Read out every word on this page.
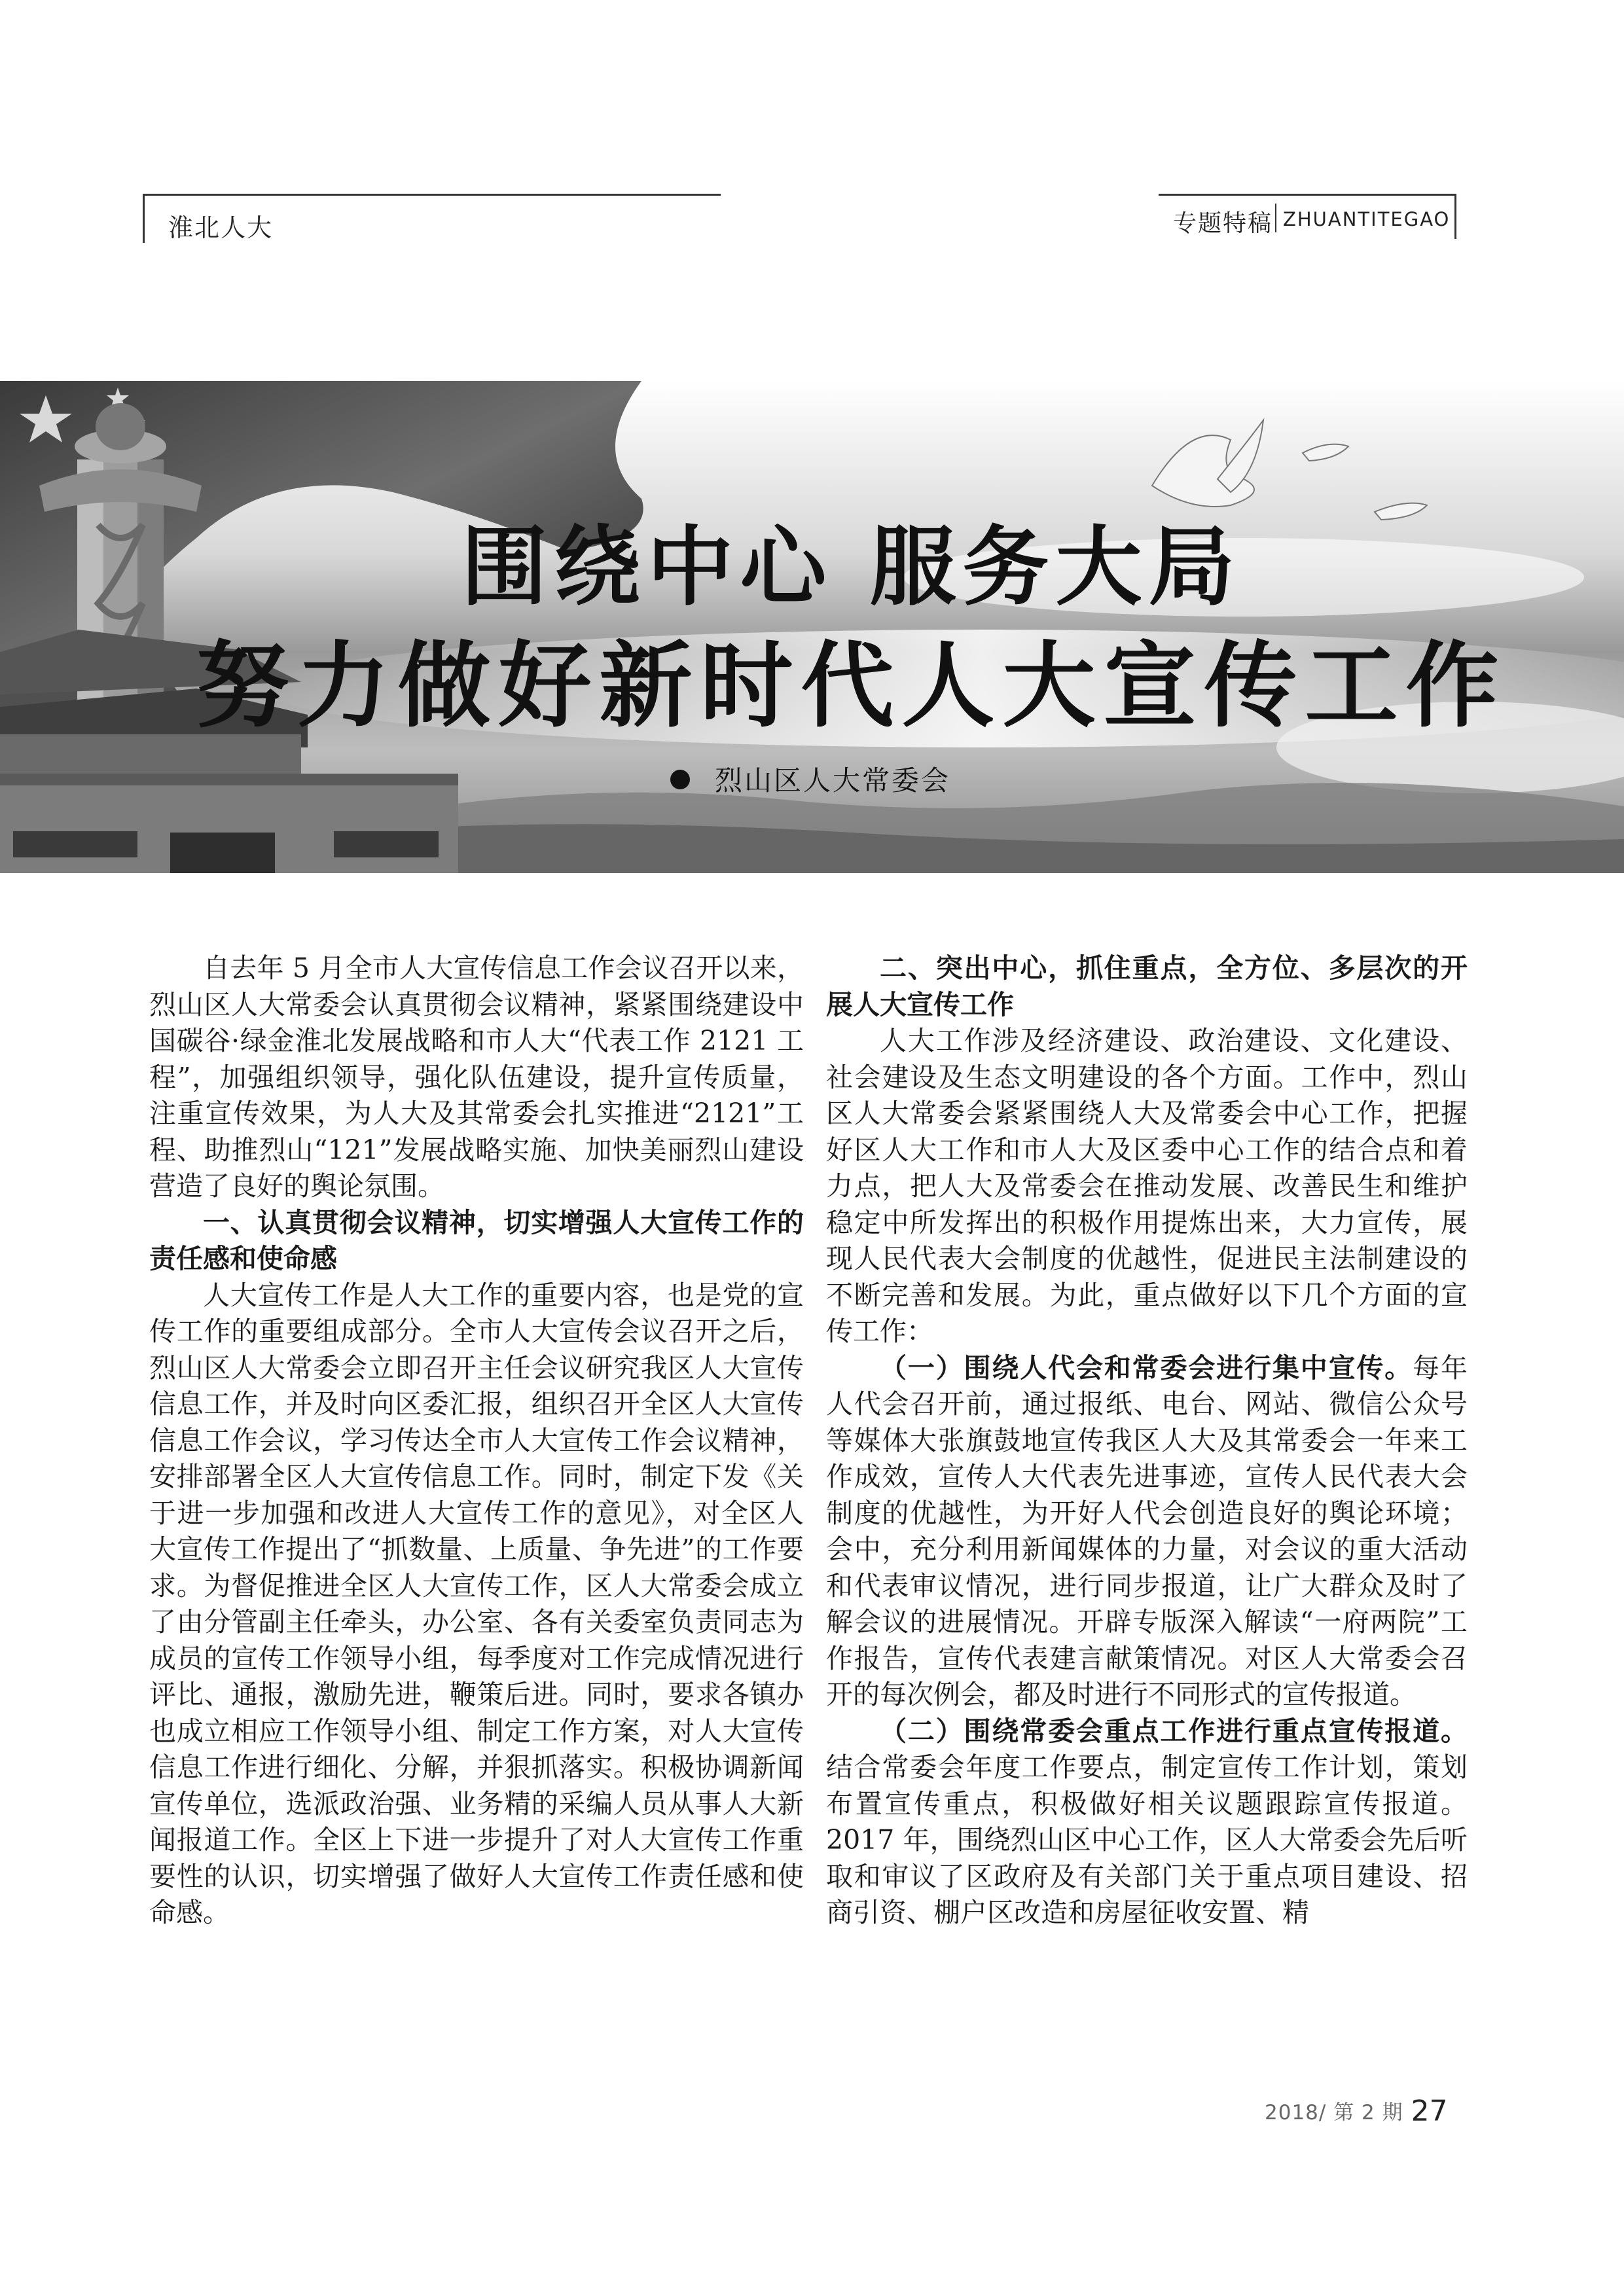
淮北人大	专题特稿 ZHUANTITEGAO
围绕中心 服务大局
努力做好新时代人大宣传工作
烈山区人大常委会

自去年 5 月全市人大宣传信息工作会议召开以来，烈山区人大常委会认真贯彻会议精神，紧紧围绕建设中国碳谷·绿金淮北发展战略和市人大“代表工作 2121 工程”，加强组织领导，强化队伍建设，提升宣传质量，注重宣传效果，为人大及其常委会扎实推进“2121”工程、助推烈山“121”发展战略实施、加快美丽烈山建设营造了良好的舆论氛围。

一、认真贯彻会议精神，切实增强人大宣传工作的责任感和使命感

人大宣传工作是人大工作的重要内容，也是党的宣传工作的重要组成部分。全市人大宣传会议召开之后，烈山区人大常委会立即召开主任会议研究我区人大宣传信息工作，并及时向区委汇报，组织召开全区人大宣传信息工作会议，学习传达全市人大宣传工作会议精神，安排部署全区人大宣传信息工作。同时，制定下发《关于进一步加强和改进人大宣传工作的意见》，对全区人大宣传工作提出了“抓数量、上质量、争先进”的工作要求。为督促推进全区人大宣传工作，区人大常委会成立了由分管副主任牵头，办公室、各有关委室负责同志为成员的宣传工作领导小组，每季度对工作完成情况进行评比、通报，激励先进，鞭策后进。同时，要求各镇办也成立相应工作领导小组、制定工作方案，对人大宣传信息工作进行细化、分解，并狠抓落实。积极协调新闻宣传单位，选派政治强、业务精的采编人员从事人大新闻报道工作。全区上下进一步提升了对人大宣传工作重要性的认识，切实增强了做好人大宣传工作责任感和使命感。

二、突出中心，抓住重点，全方位、多层次的开展人大宣传工作

人大工作涉及经济建设、政治建设、文化建设、社会建设及生态文明建设的各个方面。工作中，烈山区人大常委会紧紧围绕人大及常委会中心工作，把握好区人大工作和市人大及区委中心工作的结合点和着力点，把人大及常委会在推动发展、改善民生和维护稳定中所发挥出的积极作用提炼出来，大力宣传，展现人民代表大会制度的优越性，促进民主法制建设的不断完善和发展。为此，重点做好以下几个方面的宣传工作：

（一）围绕人代会和常委会进行集中宣传。每年人代会召开前，通过报纸、电台、网站、微信公众号等媒体大张旗鼓地宣传我区人大及其常委会一年来工作成效，宣传人大代表先进事迹，宣传人民代表大会制度的优越性，为开好人代会创造良好的舆论环境；会中，充分利用新闻媒体的力量，对会议的重大活动和代表审议情况，进行同步报道，让广大群众及时了解会议的进展情况。开辟专版深入解读“一府两院”工作报告，宣传代表建言献策情况。对区人大常委会召开的每次例会，都及时进行不同形式的宣传报道。

（二）围绕常委会重点工作进行重点宣传报道。结合常委会年度工作要点，制定宣传工作计划，策划布置宣传重点，积极做好相关议题跟踪宣传报道。2017 年，围绕烈山区中心工作，区人大常委会先后听取和审议了区政府及有关部门关于重点项目建设、招商引资、棚户区改造和房屋征收安置、精

2018/ 第 2 期 27
